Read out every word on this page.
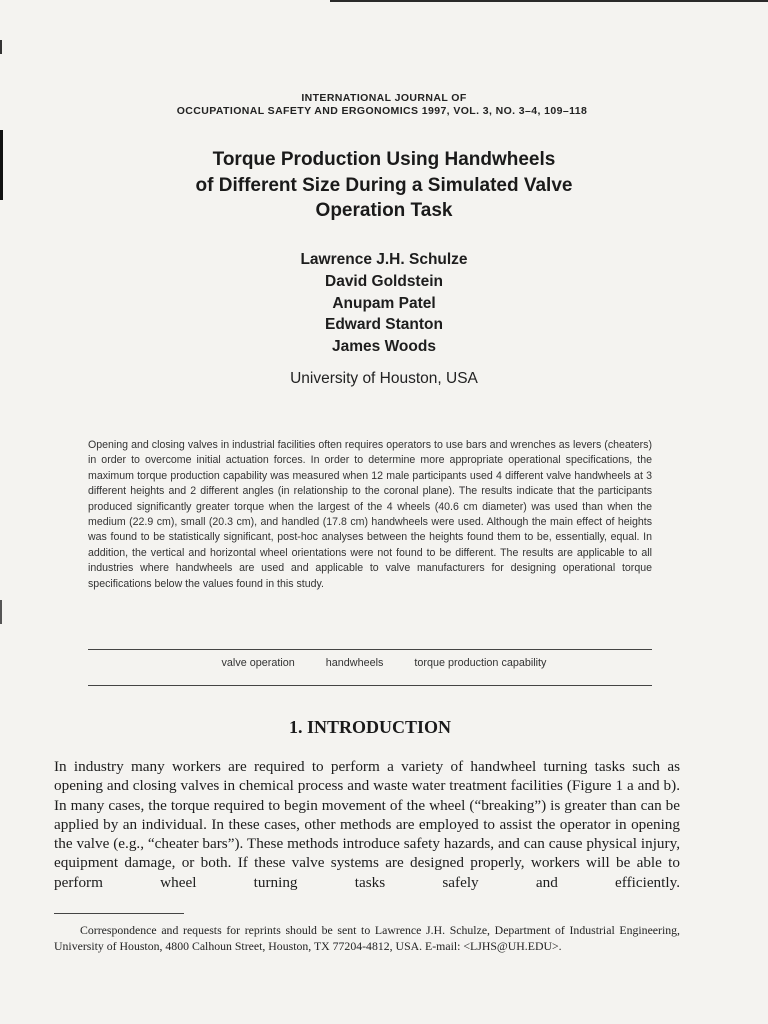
INTERNATIONAL JOURNAL OF
OCCUPATIONAL SAFETY AND ERGONOMICS 1997, VOL. 3, NO. 3–4, 109–118
Torque Production Using Handwheels
of Different Size During a Simulated Valve
Operation Task
Lawrence J.H. Schulze
David Goldstein
Anupam Patel
Edward Stanton
James Woods
University of Houston, USA
Opening and closing valves in industrial facilities often requires operators to use bars and wrenches as levers (cheaters) in order to overcome initial actuation forces. In order to determine more appropriate operational specifications, the maximum torque production capability was measured when 12 male participants used 4 different valve handwheels at 3 different heights and 2 different angles (in relationship to the coronal plane). The results indicate that the participants produced significantly greater torque when the largest of the 4 wheels (40.6 cm diameter) was used than when the medium (22.9 cm), small (20.3 cm), and handled (17.8 cm) handwheels were used. Although the main effect of heights was found to be statistically significant, post-hoc analyses between the heights found them to be, essentially, equal. In addition, the vertical and horizontal wheel orientations were not found to be different. The results are applicable to all industries where handwheels are used and applicable to valve manufacturers for designing operational torque specifications below the values found in this study.
valve operation	handwheels	torque production capability
1. INTRODUCTION
In industry many workers are required to perform a variety of handwheel turning tasks such as opening and closing valves in chemical process and waste water treatment facilities (Figure 1 a and b). In many cases, the torque required to begin movement of the wheel (“breaking”) is greater than can be applied by an individual. In these cases, other methods are employed to assist the operator in opening the valve (e.g., “cheater bars”). These methods introduce safety hazards, and can cause physical injury, equipment damage, or both. If these valve systems are designed properly, workers will be able to perform wheel turning tasks safely and efficiently.
Correspondence and requests for reprints should be sent to Lawrence J.H. Schulze, Department of Industrial Engineering, University of Houston, 4800 Calhoun Street, Houston, TX 77204-4812, USA. E-mail: <LJHS@UH.EDU>.
